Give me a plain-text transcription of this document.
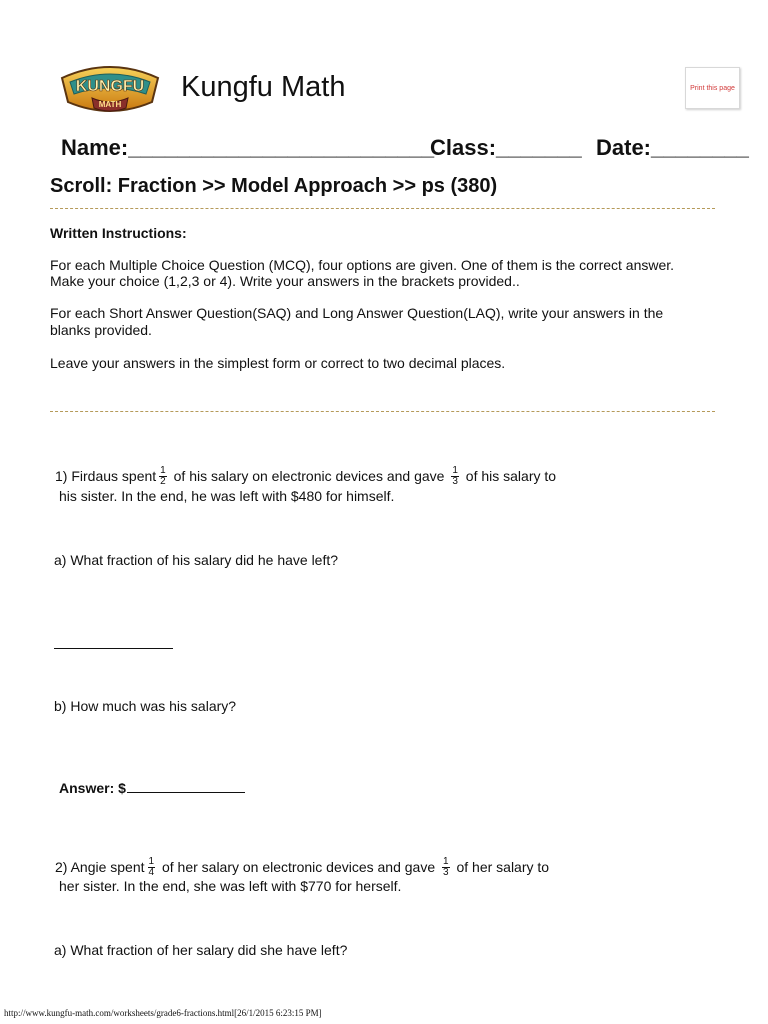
KUNGFU
MATH
Kungfu Math	Print this page
Name:_________________________
Class:_______ Date:________
Scroll: Fraction >> Model Approach >> ps (380)
Written Instructions:
For each Multiple Choice Question (MCQ), four options are given. One of them is the correct answer.
Make your choice (1,2,3 or 4). Write your answers in the brackets provided..
For each Short Answer Question(SAQ) and Long Answer Question(LAQ), write your answers in the
blanks provided.
Leave your answers in the simplest form or correct to two decimal places.
1) Firdaus spent $\frac{1}{2}$ of his salary on electronic devices and gave $\frac{1}{3}$ of his salary to
his sister. In the end, he was left with $480 for himself.
a) What fraction of his salary did he have left?
b) How much was his salary?
Answer: $
2) Angie spent $\frac{1}{4}$ of her salary on electronic devices and gave $\frac{1}{3}$ of her salary to
her sister. In the end, she was left with $770 for herself.
a) What fraction of her salary did she have left?
http://www.kungfu-math.com/worksheets/grade6-fractions.html[26/1/2015 6:23:15 PM]
